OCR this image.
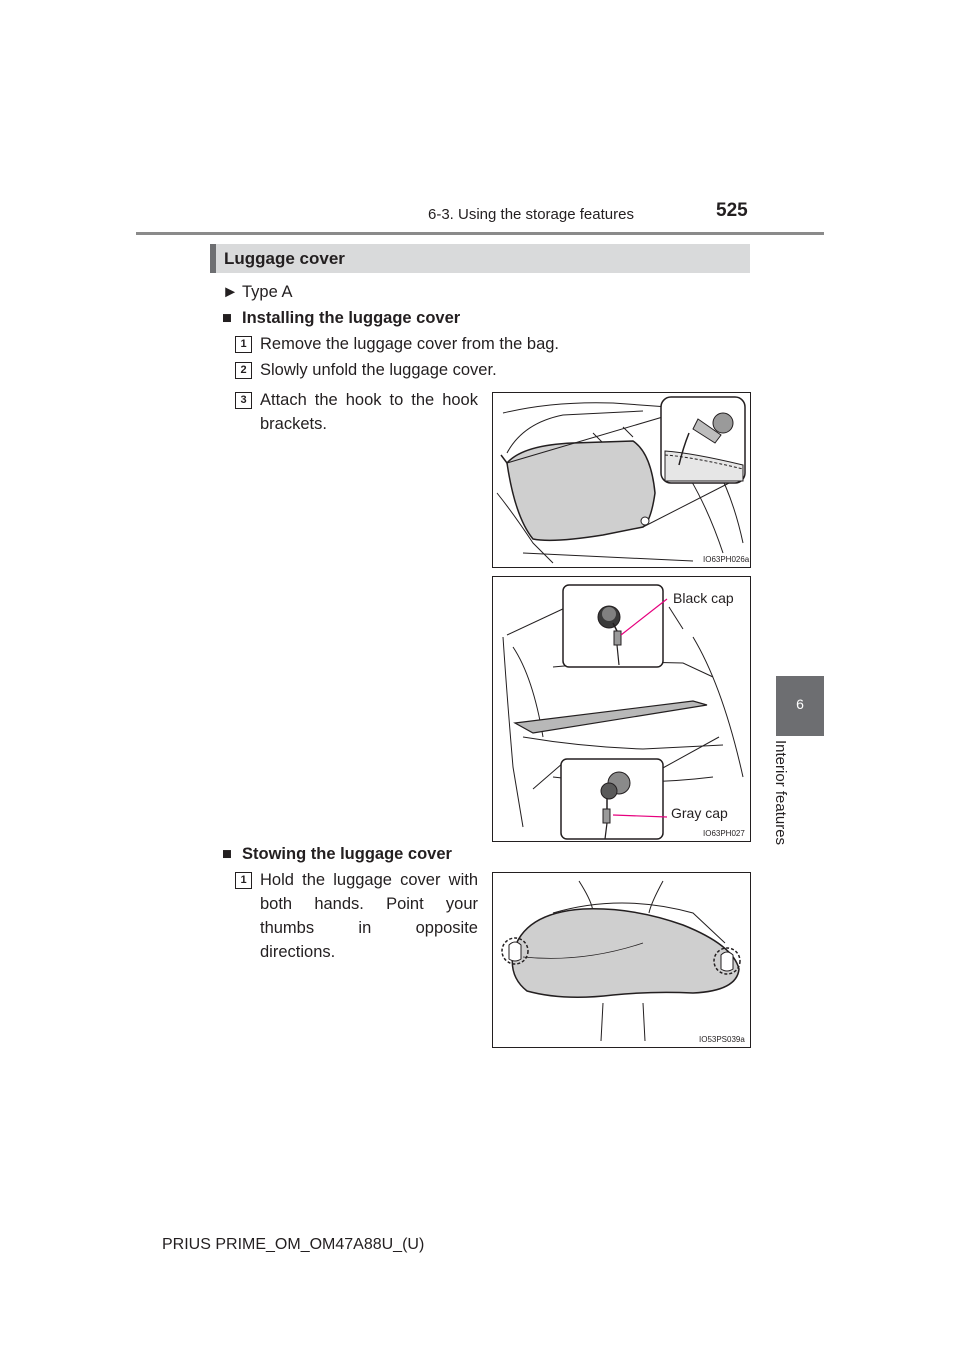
6-3. Using the storage features	525
6
Interior features
Luggage cover
► Type A
■ Installing the luggage cover
1 Remove the luggage cover from the bag.
2 Slowly unfold the luggage cover.
3 Attach the hook to the hook brackets.
IO63PH026a
Black cap
Gray cap
IO63PH027
■ Stowing the luggage cover
1 Hold the luggage cover with both hands. Point your thumbs in opposite directions.
IO53PS039a
PRIUS PRIME_OM_OM47A88U_(U)
